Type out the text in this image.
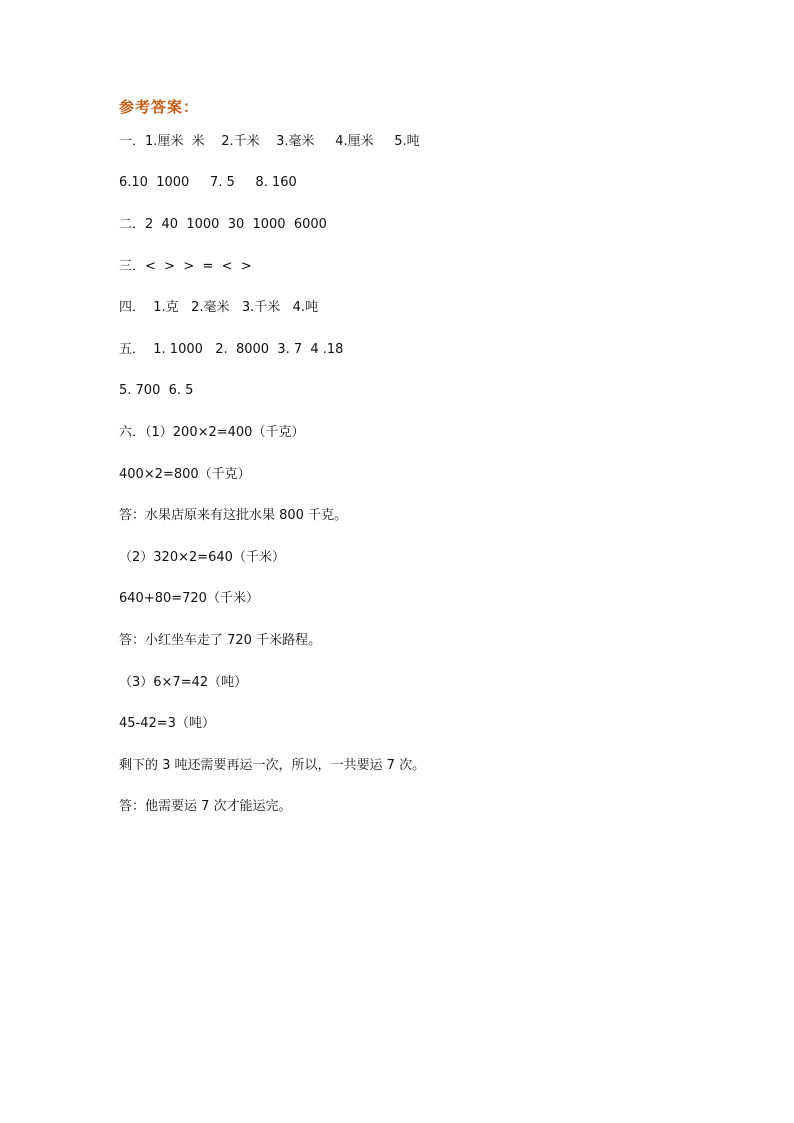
参考答案：
一．1.厘米  米    2.千米    3.毫米     4.厘米     5.吨
6.10  1000     7. 5     8. 160
二．2  40  1000  30  1000  6000
三．<  >  >  =  <  >
四．  1.克   2.毫米   3.千米   4.吨
五．  1. 1000   2.  8000  3. 7  4 .18
5. 700  6. 5
六．（1）200×2=400（千克）
400×2=800（千克）
答：水果店原来有这批水果 800 千克。
（2）320×2=640（千米）
640+80=720（千米）
答：小红坐车走了 720 千米路程。
（3）6×7=42（吨）
45-42=3（吨）
剩下的 3 吨还需要再运一次，所以，一共要运 7 次。
答：他需要运 7 次才能运完。
